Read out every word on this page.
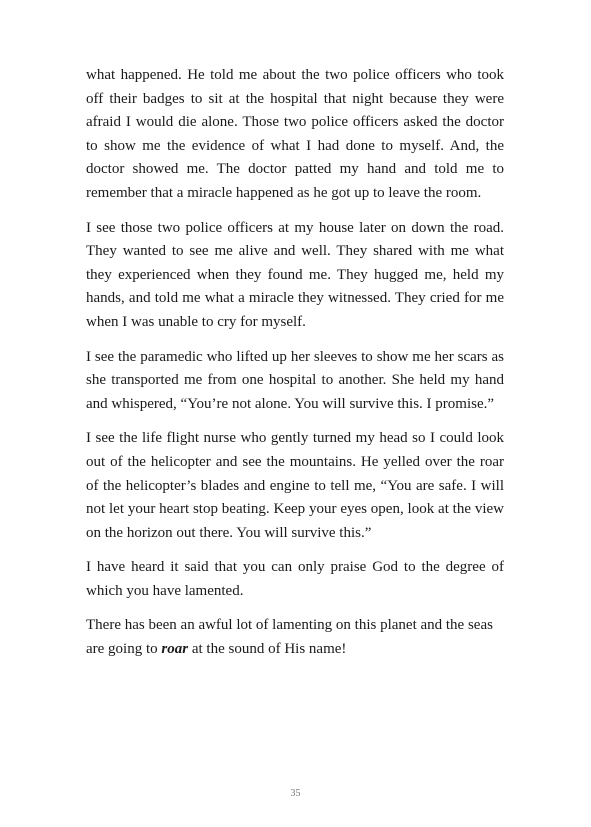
what happened. He told me about the two police officers who took off their badges to sit at the hospital that night because they were afraid I would die alone. Those two police officers asked the doctor to show me the evidence of what I had done to myself. And, the doctor showed me. The doctor patted my hand and told me to remember that a miracle happened as he got up to leave the room.

I see those two police officers at my house later on down the road. They wanted to see me alive and well. They shared with me what they experienced when they found me. They hugged me, held my hands, and told me what a miracle they witnessed. They cried for me when I was unable to cry for myself.

I see the paramedic who lifted up her sleeves to show me her scars as she transported me from one hospital to another. She held my hand and whispered, “You’re not alone. You will survive this. I promise.”

I see the life flight nurse who gently turned my head so I could look out of the helicopter and see the mountains. He yelled over the roar of the helicopter’s blades and engine to tell me, “You are safe. I will not let your heart stop beating. Keep your eyes open, look at the view on the horizon out there. You will survive this.”

I have heard it said that you can only praise God to the degree of which you have lamented.

There has been an awful lot of lamenting on this planet and the seas are going to roar at the sound of His name!

35
